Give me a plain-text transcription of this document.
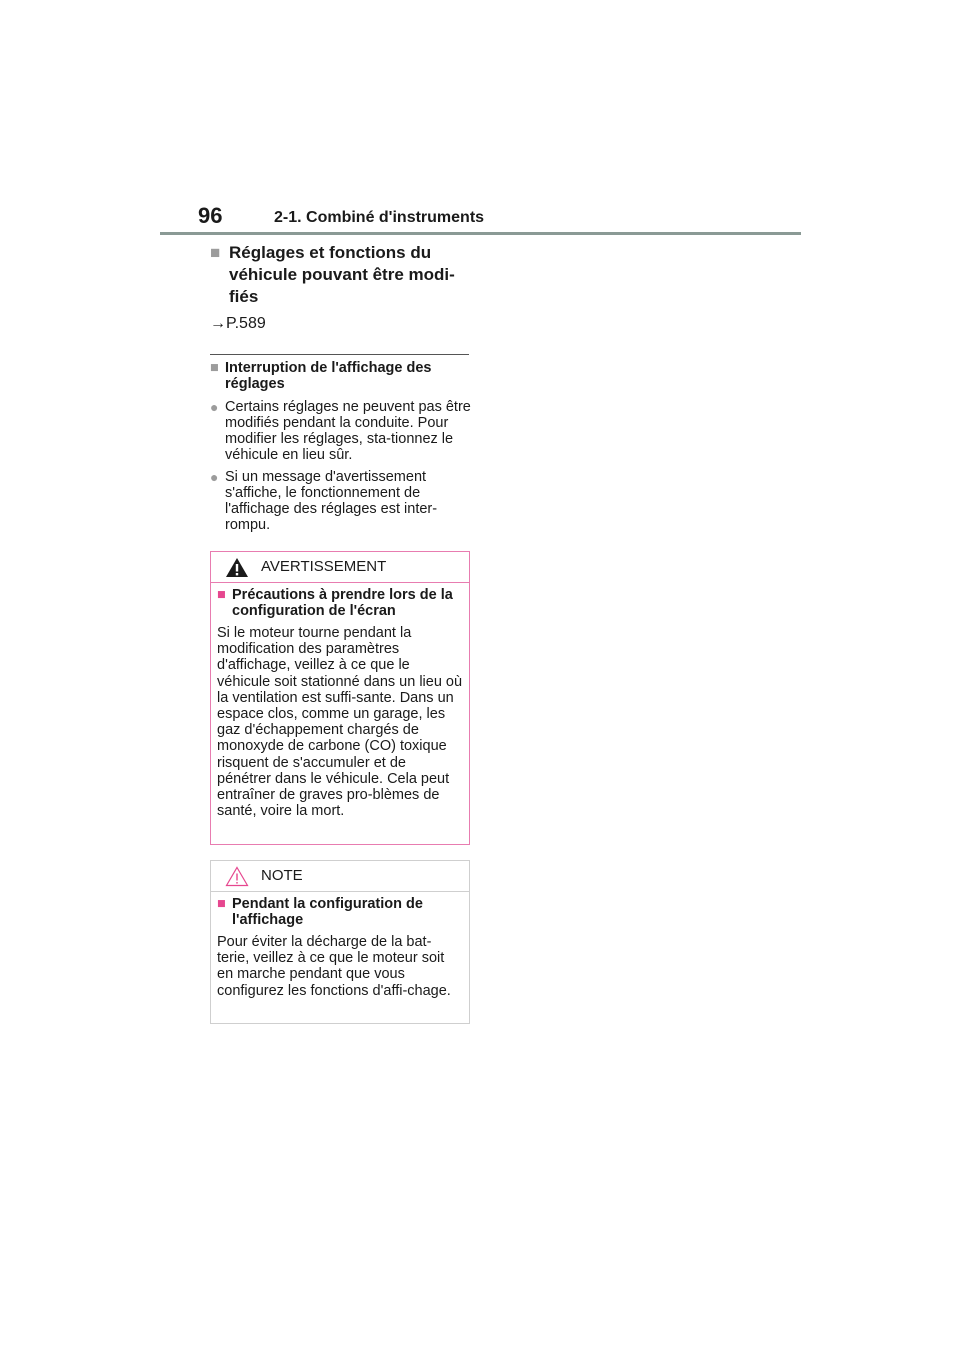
96	2-1. Combiné d'instruments
■ Réglages et fonctions du véhicule pouvant être modi-fiés
→P.589
■ Interruption de l'affichage des réglages
● Certains réglages ne peuvent pas être modifiés pendant la conduite. Pour modifier les réglages, sta-tionnez le véhicule en lieu sûr.
● Si un message d'avertissement s'affiche, le fonctionnement de l'affichage des réglages est inter-rompu.
AVERTISSEMENT
■ Précautions à prendre lors de la configuration de l'écran
Si le moteur tourne pendant la modification des paramètres d'affichage, veillez à ce que le véhicule soit stationné dans un lieu où la ventilation est suffi-sante. Dans un espace clos, comme un garage, les gaz d'échappement chargés de monoxyde de carbone (CO) toxique risquent de s'accumuler et de pénétrer dans le véhicule. Cela peut entraîner de graves pro-blèmes de santé, voire la mort.
NOTE
■ Pendant la configuration de l'affichage
Pour éviter la décharge de la bat-terie, veillez à ce que le moteur soit en marche pendant que vous configurez les fonctions d'affi-chage.
